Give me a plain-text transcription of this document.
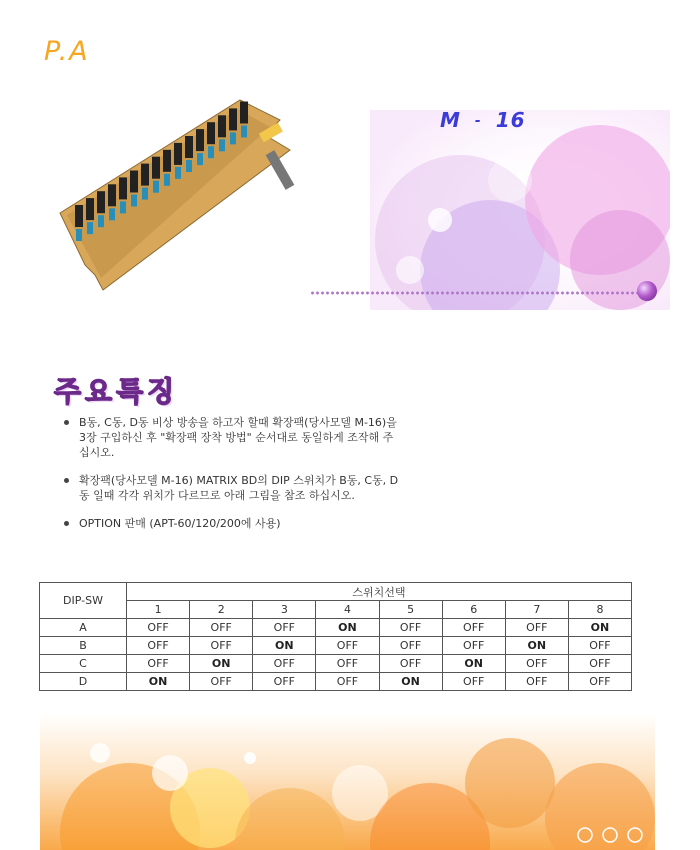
P.A
M - 16
주요특징
B동, C동, D동 비상 방송을 하고자 할때 확장팩(당사모델 M-16)을 3장 구입하신 후 "확장팩 장착 방법" 순서대로 동일하게 조작해 주십시오.
확장팩(당사모델 M-16) MATRIX BD의 DIP 스위치가 B동, C동, D동 일때 각각 위치가 다르므로 아래 그림을 참조 하십시오.
OPTION 판매 (APT-60/120/200에 사용)
DIP-SW	스위치선택							
	1	2	3	4	5	6	7	8
A	OFF	OFF	OFF	ON	OFF	OFF	OFF	ON
B	OFF	OFF	ON	OFF	OFF	OFF	ON	OFF
C	OFF	ON	OFF	OFF	OFF	ON	OFF	OFF
D	ON	OFF	OFF	OFF	ON	OFF	OFF	OFF
